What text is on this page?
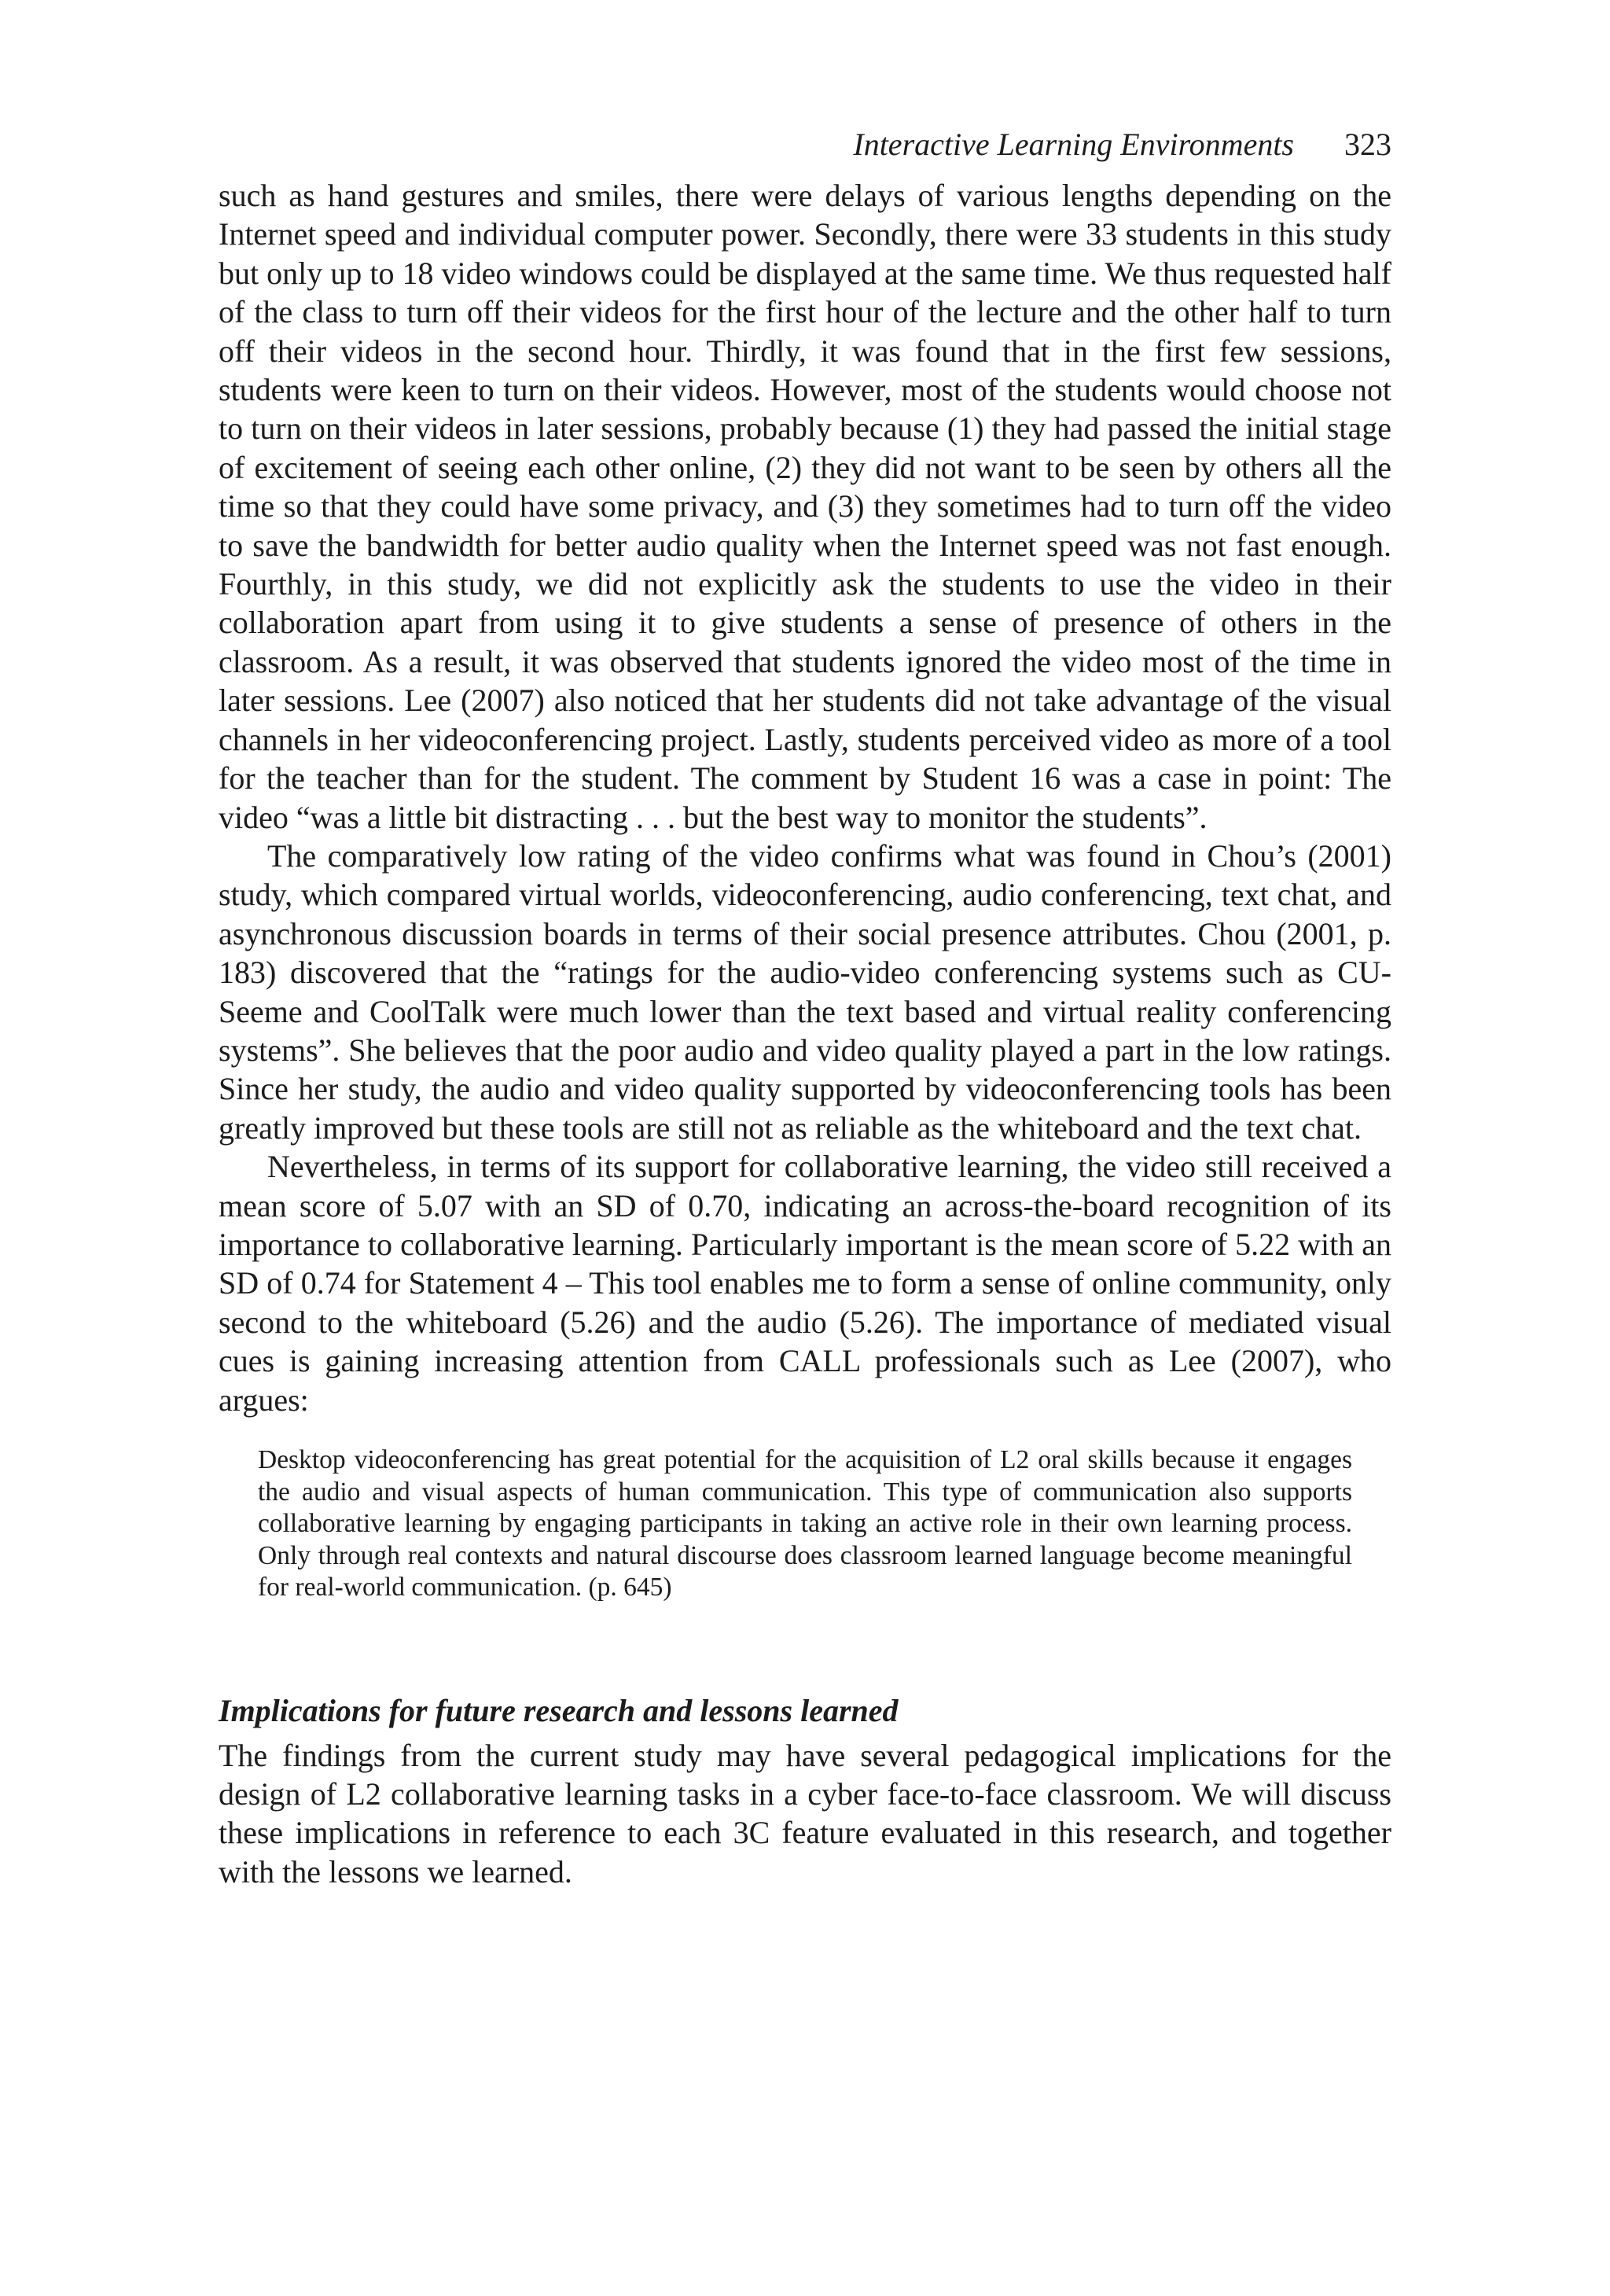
Interactive Learning Environments 323

such as hand gestures and smiles, there were delays of various lengths depending on the Internet speed and individual computer power. Secondly, there were 33 students in this study but only up to 18 video windows could be displayed at the same time. We thus requested half of the class to turn off their videos for the first hour of the lecture and the other half to turn off their videos in the second hour. Thirdly, it was found that in the first few sessions, students were keen to turn on their videos. However, most of the students would choose not to turn on their videos in later sessions, probably because (1) they had passed the initial stage of excitement of seeing each other online, (2) they did not want to be seen by others all the time so that they could have some privacy, and (3) they sometimes had to turn off the video to save the bandwidth for better audio quality when the Internet speed was not fast enough. Fourthly, in this study, we did not explicitly ask the students to use the video in their collaboration apart from using it to give students a sense of presence of others in the classroom. As a result, it was observed that students ignored the video most of the time in later sessions. Lee (2007) also noticed that her students did not take advantage of the visual channels in her videoconferencing project. Lastly, students perceived video as more of a tool for the teacher than for the student. The comment by Student 16 was a case in point: The video “was a little bit distracting . . . but the best way to monitor the students”.

The comparatively low rating of the video confirms what was found in Chou’s (2001) study, which compared virtual worlds, videoconferencing, audio conferencing, text chat, and asynchronous discussion boards in terms of their social presence attributes. Chou (2001, p. 183) discovered that the “ratings for the audio-video conferencing systems such as CU-Seeme and CoolTalk were much lower than the text based and virtual reality conferencing systems”. She believes that the poor audio and video quality played a part in the low ratings. Since her study, the audio and video quality supported by videoconferencing tools has been greatly improved but these tools are still not as reliable as the whiteboard and the text chat.

Nevertheless, in terms of its support for collaborative learning, the video still received a mean score of 5.07 with an SD of 0.70, indicating an across-the-board recognition of its importance to collaborative learning. Particularly important is the mean score of 5.22 with an SD of 0.74 for Statement 4 – This tool enables me to form a sense of online community, only second to the whiteboard (5.26) and the audio (5.26). The importance of mediated visual cues is gaining increasing attention from CALL professionals such as Lee (2007), who argues:

Desktop videoconferencing has great potential for the acquisition of L2 oral skills because it engages the audio and visual aspects of human communication. This type of communication also supports collaborative learning by engaging participants in taking an active role in their own learning process. Only through real contexts and natural discourse does classroom learned language become meaningful for real-world communication. (p. 645)
Implications for future research and lessons learned

The findings from the current study may have several pedagogical implications for the design of L2 collaborative learning tasks in a cyber face-to-face classroom. We will discuss these implications in reference to each 3C feature evaluated in this research, and together with the lessons we learned.
